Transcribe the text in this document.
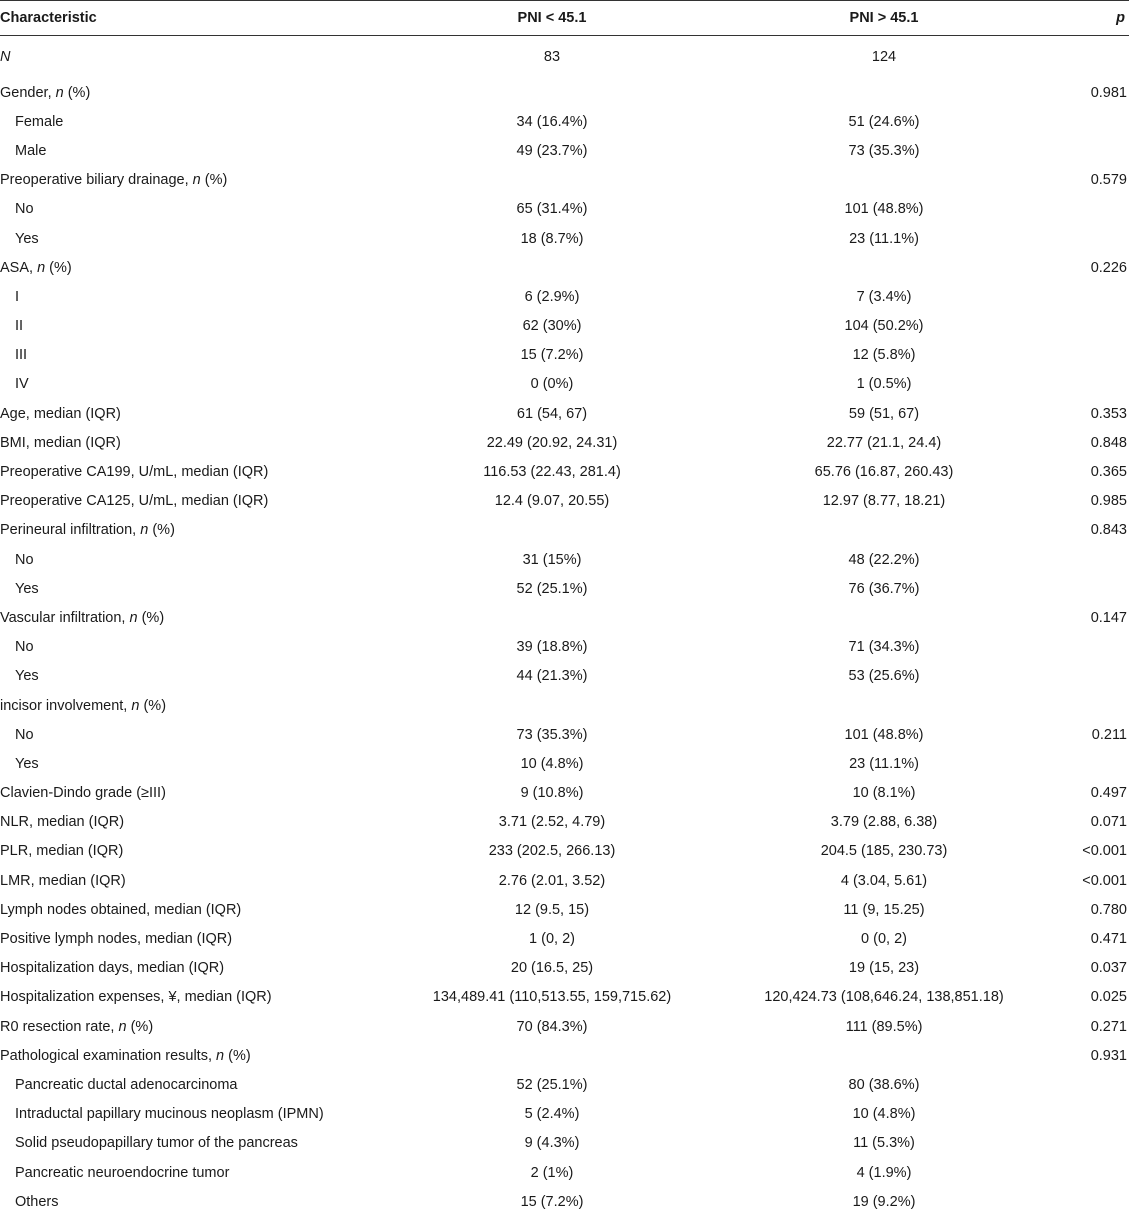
Characteristic	PNI < 45.1	PNI > 45.1	p
N	83	124	
Gender, n (%)			0.981
Female	34 (16.4%)	51 (24.6%)	
Male	49 (23.7%)	73 (35.3%)	
Preoperative biliary drainage, n (%)			0.579
No	65 (31.4%)	101 (48.8%)	
Yes	18 (8.7%)	23 (11.1%)	
ASA, n (%)			0.226
I	6 (2.9%)	7 (3.4%)	
II	62 (30%)	104 (50.2%)	
III	15 (7.2%)	12 (5.8%)	
IV	0 (0%)	1 (0.5%)	
Age, median (IQR)	61 (54, 67)	59 (51, 67)	0.353
BMI, median (IQR)	22.49 (20.92, 24.31)	22.77 (21.1, 24.4)	0.848
Preoperative CA199, U/mL, median (IQR)	116.53 (22.43, 281.4)	65.76 (16.87, 260.43)	0.365
Preoperative CA125, U/mL, median (IQR)	12.4 (9.07, 20.55)	12.97 (8.77, 18.21)	0.985
Perineural infiltration, n (%)			0.843
No	31 (15%)	48 (22.2%)	
Yes	52 (25.1%)	76 (36.7%)	
Vascular infiltration, n (%)			0.147
No	39 (18.8%)	71 (34.3%)	
Yes	44 (21.3%)	53 (25.6%)	
incisor involvement, n (%)			
No	73 (35.3%)	101 (48.8%)	0.211
Yes	10 (4.8%)	23 (11.1%)	
Clavien-Dindo grade (≥III)	9 (10.8%)	10 (8.1%)	0.497
NLR, median (IQR)	3.71 (2.52, 4.79)	3.79 (2.88, 6.38)	0.071
PLR, median (IQR)	233 (202.5, 266.13)	204.5 (185, 230.73)	<0.001
LMR, median (IQR)	2.76 (2.01, 3.52)	4 (3.04, 5.61)	<0.001
Lymph nodes obtained, median (IQR)	12 (9.5, 15)	11 (9, 15.25)	0.780
Positive lymph nodes, median (IQR)	1 (0, 2)	0 (0, 2)	0.471
Hospitalization days, median (IQR)	20 (16.5, 25)	19 (15, 23)	0.037
Hospitalization expenses, ¥, median (IQR)	134,489.41 (110,513.55, 159,715.62)	120,424.73 (108,646.24, 138,851.18)	0.025
R0 resection rate, n (%)	70 (84.3%)	111 (89.5%)	0.271
Pathological examination results, n (%)			0.931
Pancreatic ductal adenocarcinoma	52 (25.1%)	80 (38.6%)	
Intraductal papillary mucinous neoplasm (IPMN)	5 (2.4%)	10 (4.8%)	
Solid pseudopapillary tumor of the pancreas	9 (4.3%)	11 (5.3%)	
Pancreatic neuroendocrine tumor	2 (1%)	4 (1.9%)	
Others	15 (7.2%)	19 (9.2%)	
